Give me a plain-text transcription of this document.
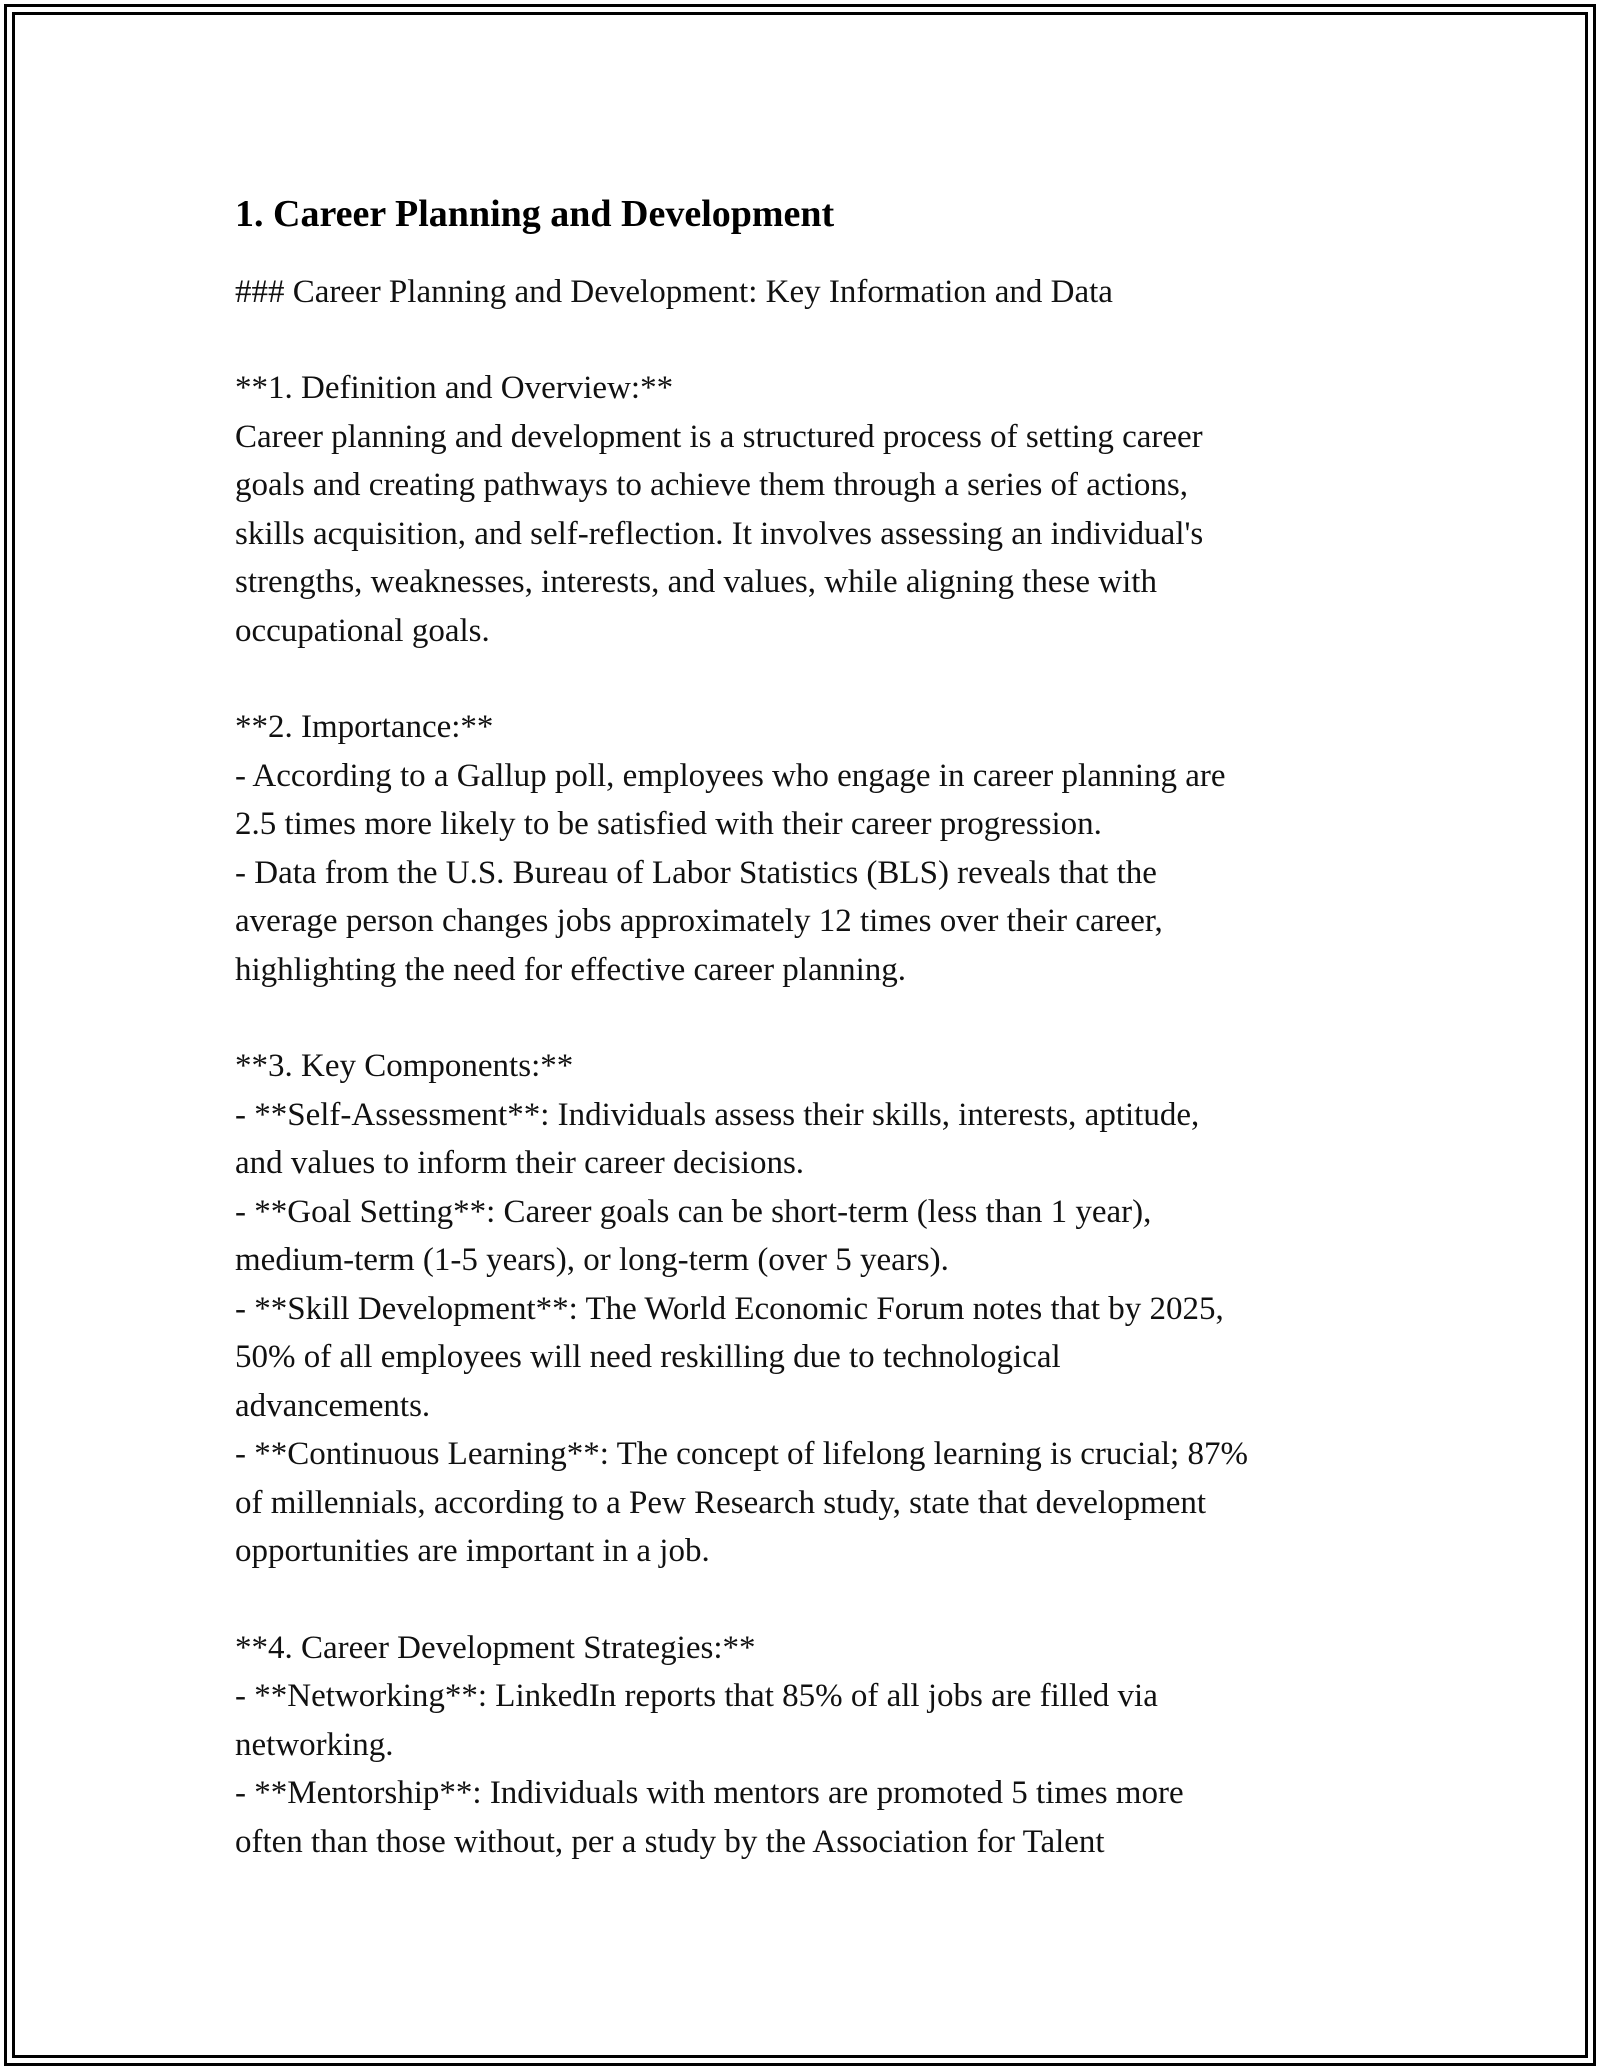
1. Career Planning and Development

### Career Planning and Development: Key Information and Data

**1. Definition and Overview:**

Career planning and development is a structured process of setting career
goals and creating pathways to achieve them through a series of actions,
skills acquisition, and self-reflection. It involves assessing an individual's
strengths, weaknesses, interests, and values, while aligning these with
occupational goals.

**2. Importance:**

- According to a Gallup poll, employees who engage in career planning are
2.5 times more likely to be satisfied with their career progression.
- Data from the U.S. Bureau of Labor Statistics (BLS) reveals that the
average person changes jobs approximately 12 times over their career,
highlighting the need for effective career planning.

**3. Key Components:**

- **Self-Assessment**: Individuals assess their skills, interests, aptitude,
and values to inform their career decisions.
- **Goal Setting**: Career goals can be short-term (less than 1 year),
medium-term (1-5 years), or long-term (over 5 years).
- **Skill Development**: The World Economic Forum notes that by 2025,
50% of all employees will need reskilling due to technological
advancements.
- **Continuous Learning**: The concept of lifelong learning is crucial; 87%
of millennials, according to a Pew Research study, state that development
opportunities are important in a job.

**4. Career Development Strategies:**

- **Networking**: LinkedIn reports that 85% of all jobs are filled via
networking.
- **Mentorship**: Individuals with mentors are promoted 5 times more
often than those without, per a study by the Association for Talent
